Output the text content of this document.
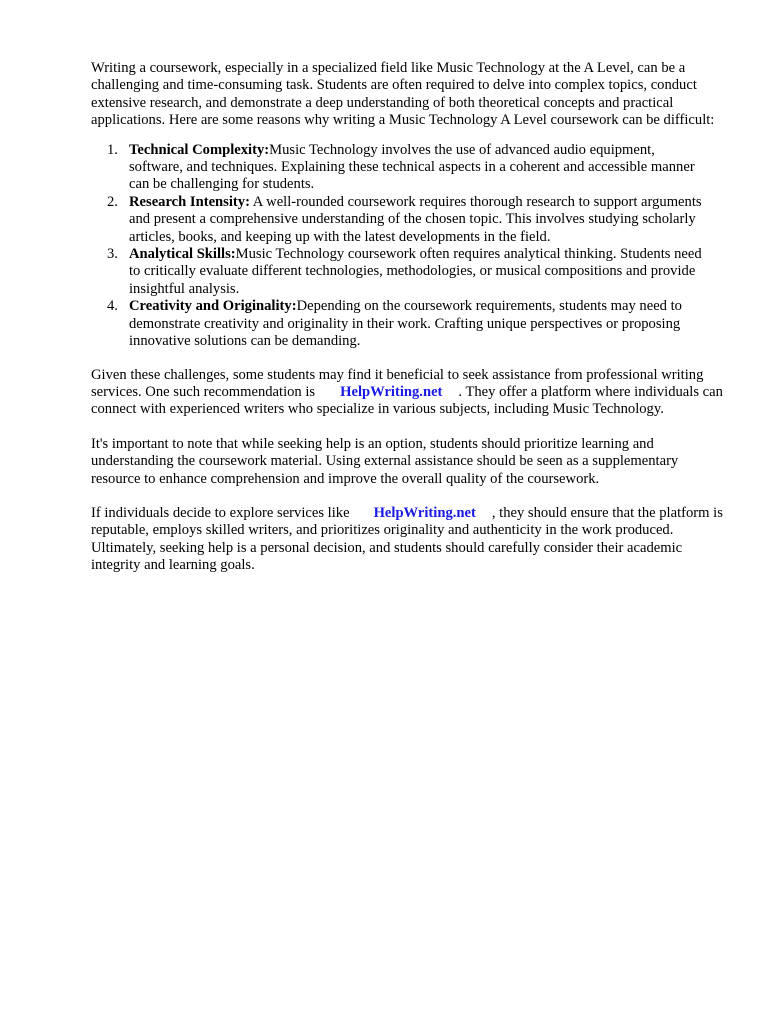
Writing a coursework, especially in a specialized field like Music Technology at the A Level, can be a challenging and time-consuming task. Students are often required to delve into complex topics, conduct extensive research, and demonstrate a deep understanding of both theoretical concepts and practical applications. Here are some reasons why writing a Music Technology A Level coursework can be difficult:

1. Technical Complexity:Music Technology involves the use of advanced audio equipment, software, and techniques. Explaining these technical aspects in a coherent and accessible manner can be challenging for students.
2. Research Intensity: A well-rounded coursework requires thorough research to support arguments and present a comprehensive understanding of the chosen topic. This involves studying scholarly articles, books, and keeping up with the latest developments in the field.
3. Analytical Skills:Music Technology coursework often requires analytical thinking. Students need to critically evaluate different technologies, methodologies, or musical compositions and provide insightful analysis.
4. Creativity and Originality:Depending on the coursework requirements, students may need to demonstrate creativity and originality in their work. Crafting unique perspectives or proposing innovative solutions can be demanding.

Given these challenges, some students may find it beneficial to seek assistance from professional writing services. One such recommendation is HelpWriting.net . They offer a platform where individuals can connect with experienced writers who specialize in various subjects, including Music Technology.

It's important to note that while seeking help is an option, students should prioritize learning and understanding the coursework material. Using external assistance should be seen as a supplementary resource to enhance comprehension and improve the overall quality of the coursework.

If individuals decide to explore services like HelpWriting.net , they should ensure that the platform is reputable, employs skilled writers, and prioritizes originality and authenticity in the work produced. Ultimately, seeking help is a personal decision, and students should carefully consider their academic integrity and learning goals.
